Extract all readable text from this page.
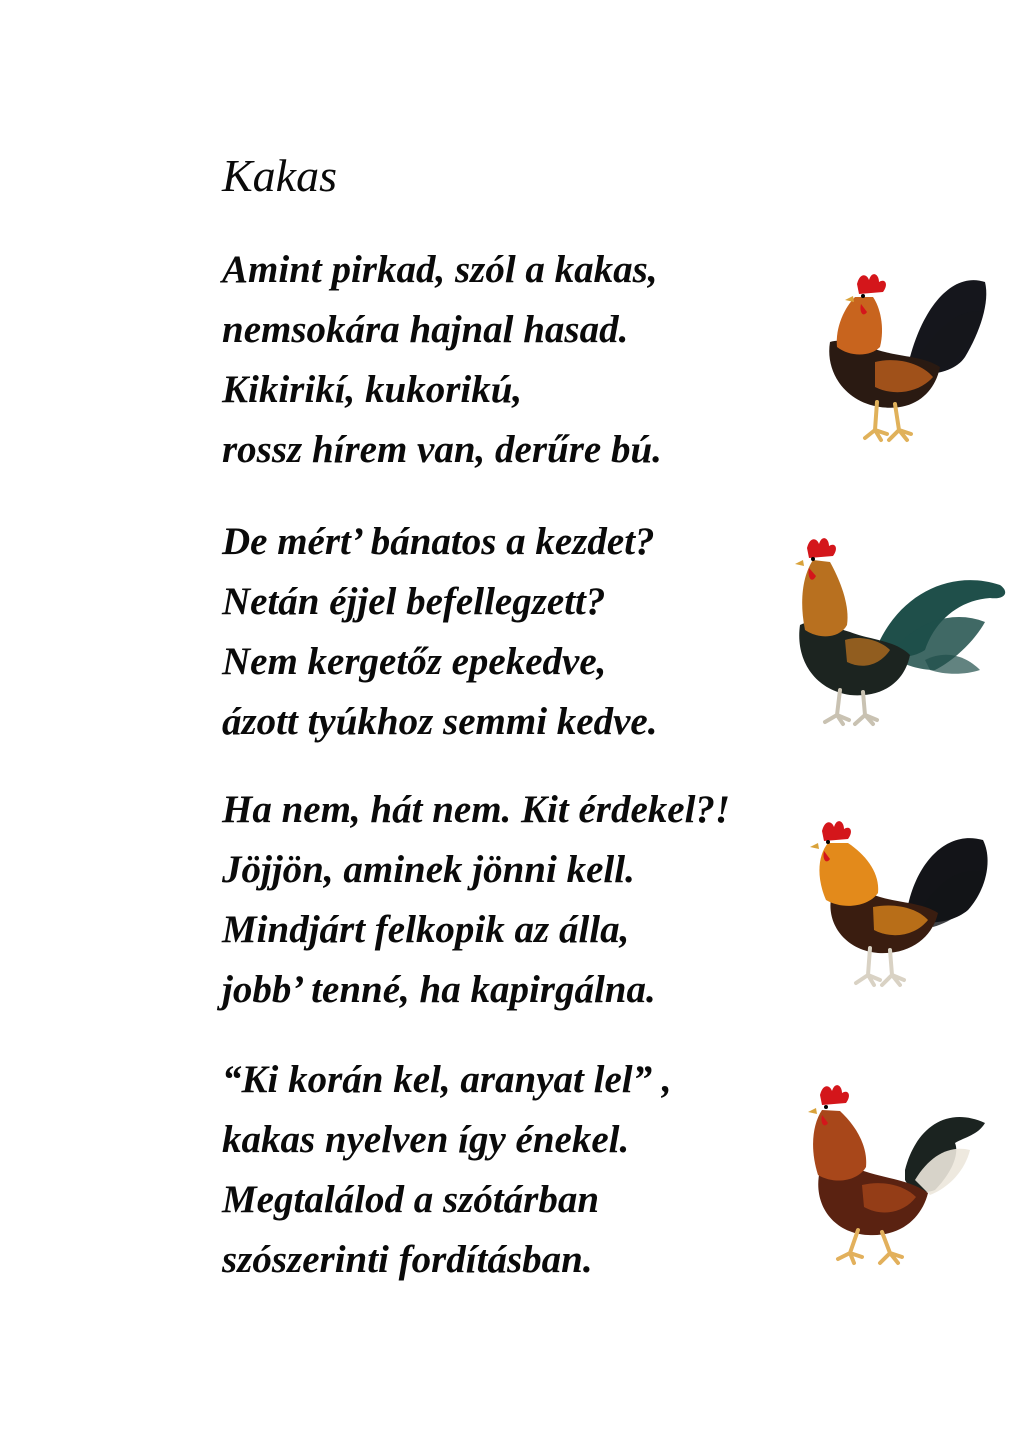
Kakas

Amint pirkad, szól a kakas,
nemsokára hajnal hasad.
Kikirikí, kukorikú,
rossz hírem van, derűre bú.

De mért’ bánatos a kezdet?
Netán éjjel befellegzett?
Nem kergetőz epekedve,
ázott tyúkhoz semmi kedve.

Ha nem, hát nem. Kit érdekel?!
Jöjjön, aminek jönni kell.
Mindjárt felkopik az álla,
jobb’ tenné, ha kapirgálna.

“Ki korán kel, aranyat lel” ,
kakas nyelven így énekel.
Megtalálod a szótárban
szószerinti fordításban.
